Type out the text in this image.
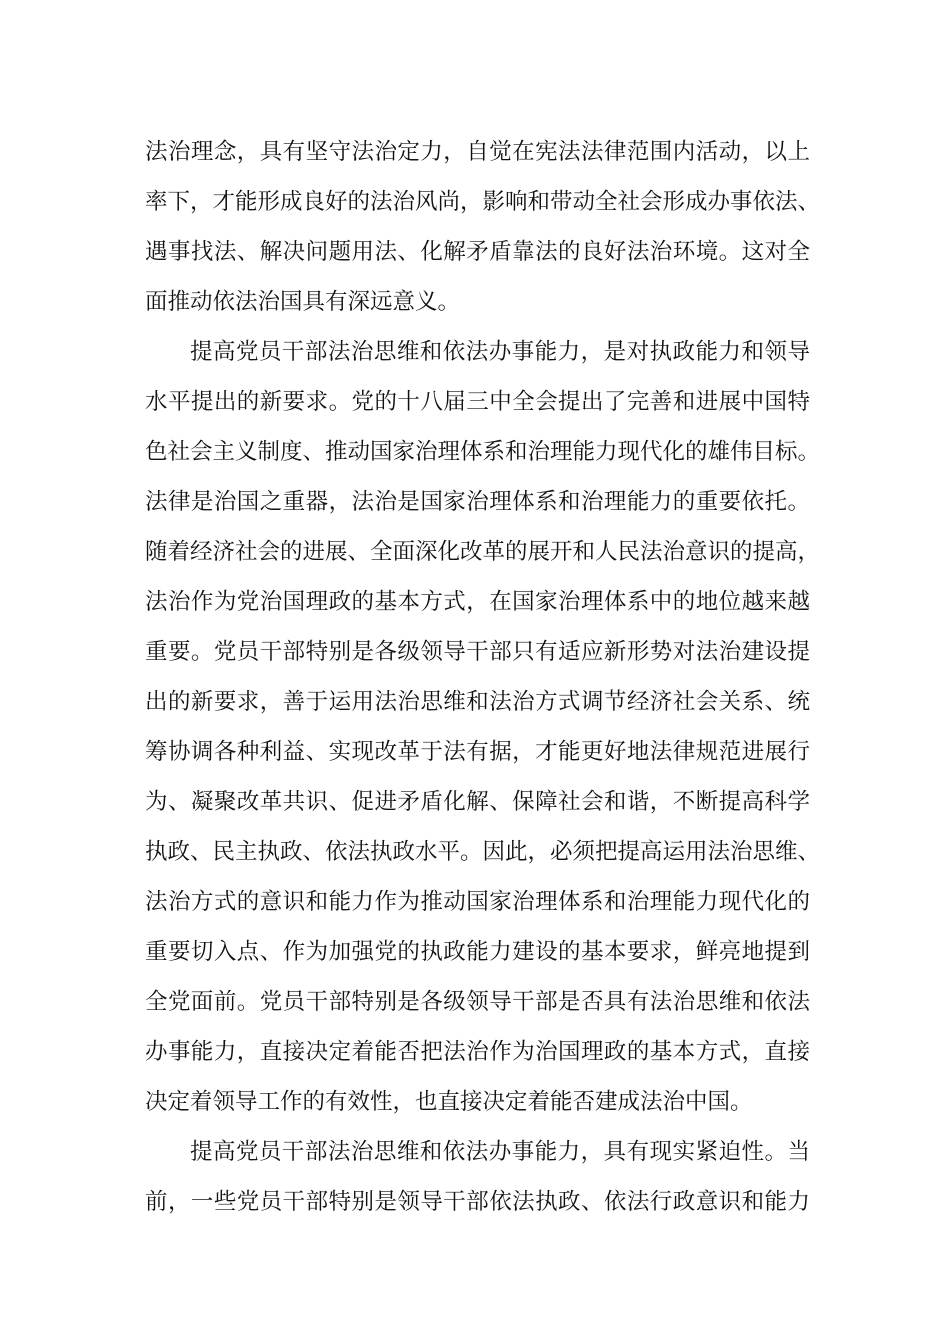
法治理念，具有坚守法治定力，自觉在宪法法律范围内活动，以上
率下，才能形成良好的法治风尚，影响和带动全社会形成办事依法、
遇事找法、解决问题用法、化解矛盾靠法的良好法治环境。这对全
面推动依法治国具有深远意义。
提高党员干部法治思维和依法办事能力，是对执政能力和领导
水平提出的新要求。党的十八届三中全会提出了完善和进展中国特
色社会主义制度、推动国家治理体系和治理能力现代化的雄伟目标。
法律是治国之重器，法治是国家治理体系和治理能力的重要依托。
随着经济社会的进展、全面深化改革的展开和人民法治意识的提高，
法治作为党治国理政的基本方式，在国家治理体系中的地位越来越
重要。党员干部特别是各级领导干部只有适应新形势对法治建设提
出的新要求，善于运用法治思维和法治方式调节经济社会关系、统
筹协调各种利益、实现改革于法有据，才能更好地法律规范进展行
为、凝聚改革共识、促进矛盾化解、保障社会和谐，不断提高科学
执政、民主执政、依法执政水平。因此，必须把提高运用法治思维、
法治方式的意识和能力作为推动国家治理体系和治理能力现代化的
重要切入点、作为加强党的执政能力建设的基本要求，鲜亮地提到
全党面前。党员干部特别是各级领导干部是否具有法治思维和依法
办事能力，直接决定着能否把法治作为治国理政的基本方式，直接
决定着领导工作的有效性，也直接决定着能否建成法治中国。
提高党员干部法治思维和依法办事能力，具有现实紧迫性。当
前，一些党员干部特别是领导干部依法执政、依法行政意识和能力
